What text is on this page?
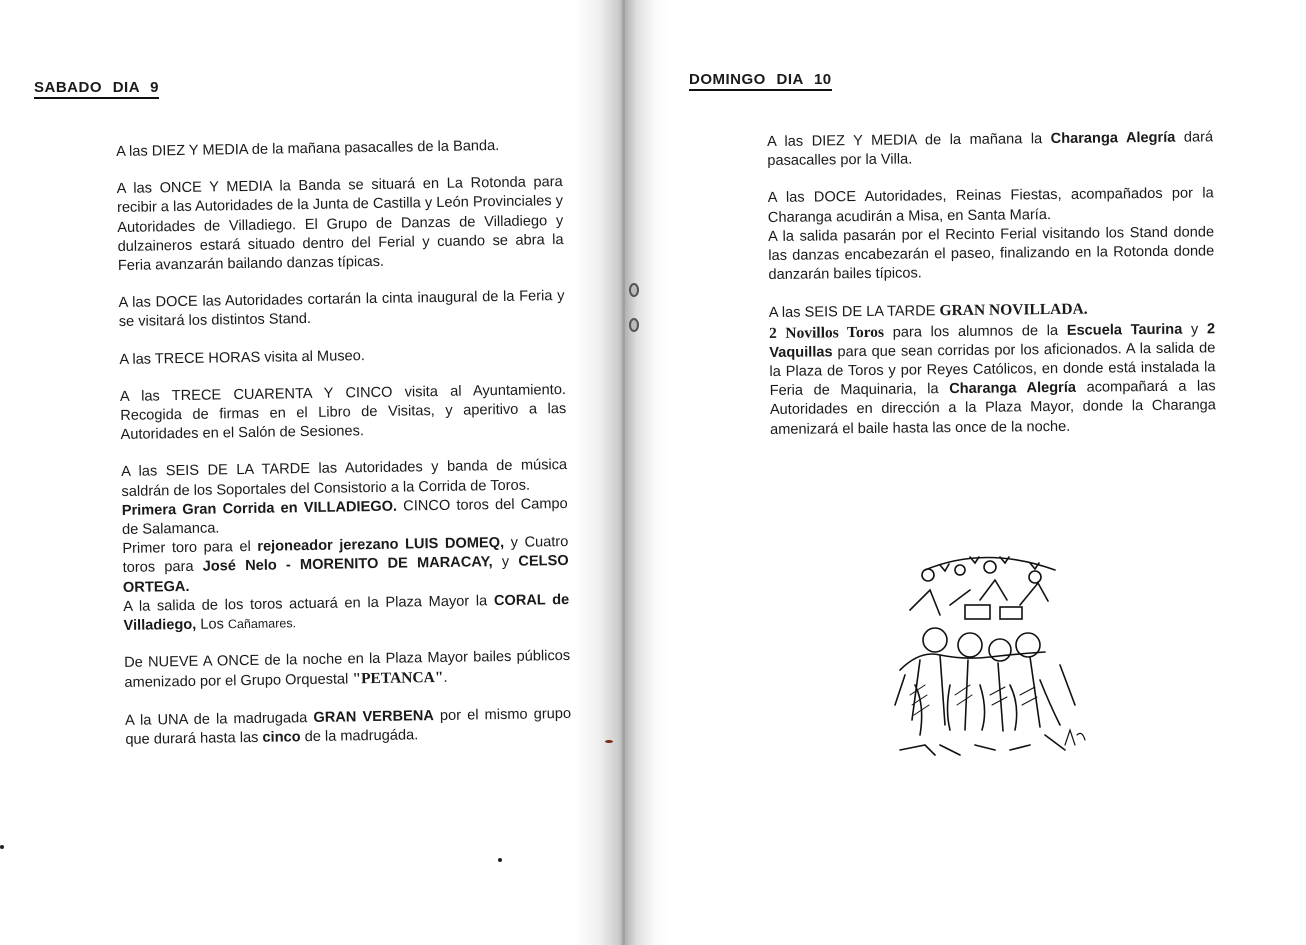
SABADO DIA 9

A las DIEZ Y MEDIA de la mañana pasacalles de la Banda.

A las ONCE Y MEDIA la Banda se situará en La Rotonda para recibir a las Autoridades de la Junta de Castilla y León Provinciales y Autoridades de Villadiego. El Grupo de Danzas de Villadiego y dulzaineros estará situado dentro del Ferial y cuando se abra la Feria avanzarán bailando danzas típicas.

A las DOCE las Autoridades cortarán la cinta inaugural de la Feria y se visitará los distintos Stand.

A las TRECE HORAS visita al Museo.

A las TRECE CUARENTA Y CINCO visita al Ayuntamiento. Recogida de firmas en el Libro de Visitas, y aperitivo a las Autoridades en el Salón de Sesiones.

A las SEIS DE LA TARDE las Autoridades y banda de música saldrán de los Soportales del Consistorio a la Corrida de Toros.
Primera Gran Corrida en VILLADIEGO. CINCO toros del Campo de Salamanca.
Primer toro para el rejoneador jerezano LUIS DOMEQ, y Cuatro toros para José Nelo - MORENITO DE MARACAY, y CELSO ORTEGA.
A la salida de los toros actuará en la Plaza Mayor la CORAL de Villadiego, Los Cañamares.

De NUEVE A ONCE de la noche en la Plaza Mayor bailes públicos amenizado por el Grupo Orquestal "PETANCA".

A la UNA de la madrugada GRAN VERBENA por el mismo grupo que durará hasta las cinco de la madrugáda.

DOMINGO DIA 10

A las DIEZ Y MEDIA de la mañana la Charanga Alegría dará pasacalles por la Villa.

A las DOCE Autoridades, Reinas Fiestas, acompañados por la Charanga acudirán a Misa, en Santa María.
A la salida pasarán por el Recinto Ferial visitando los Stand donde las danzas encabezarán el paseo, finalizando en la Rotonda donde danzarán bailes típicos.

A las SEIS DE LA TARDE GRAN NOVILLADA.
2 Novillos Toros para los alumnos de la Escuela Taurina y 2 Vaquillas para que sean corridas por los aficionados. A la salida de la Plaza de Toros y por Reyes Católicos, en donde está instalada la Feria de Maquinaria, la Charanga Alegría acompañará a las Autoridades en dirección a la Plaza Mayor, donde la Charanga amenizará el baile hasta las once de la noche.
